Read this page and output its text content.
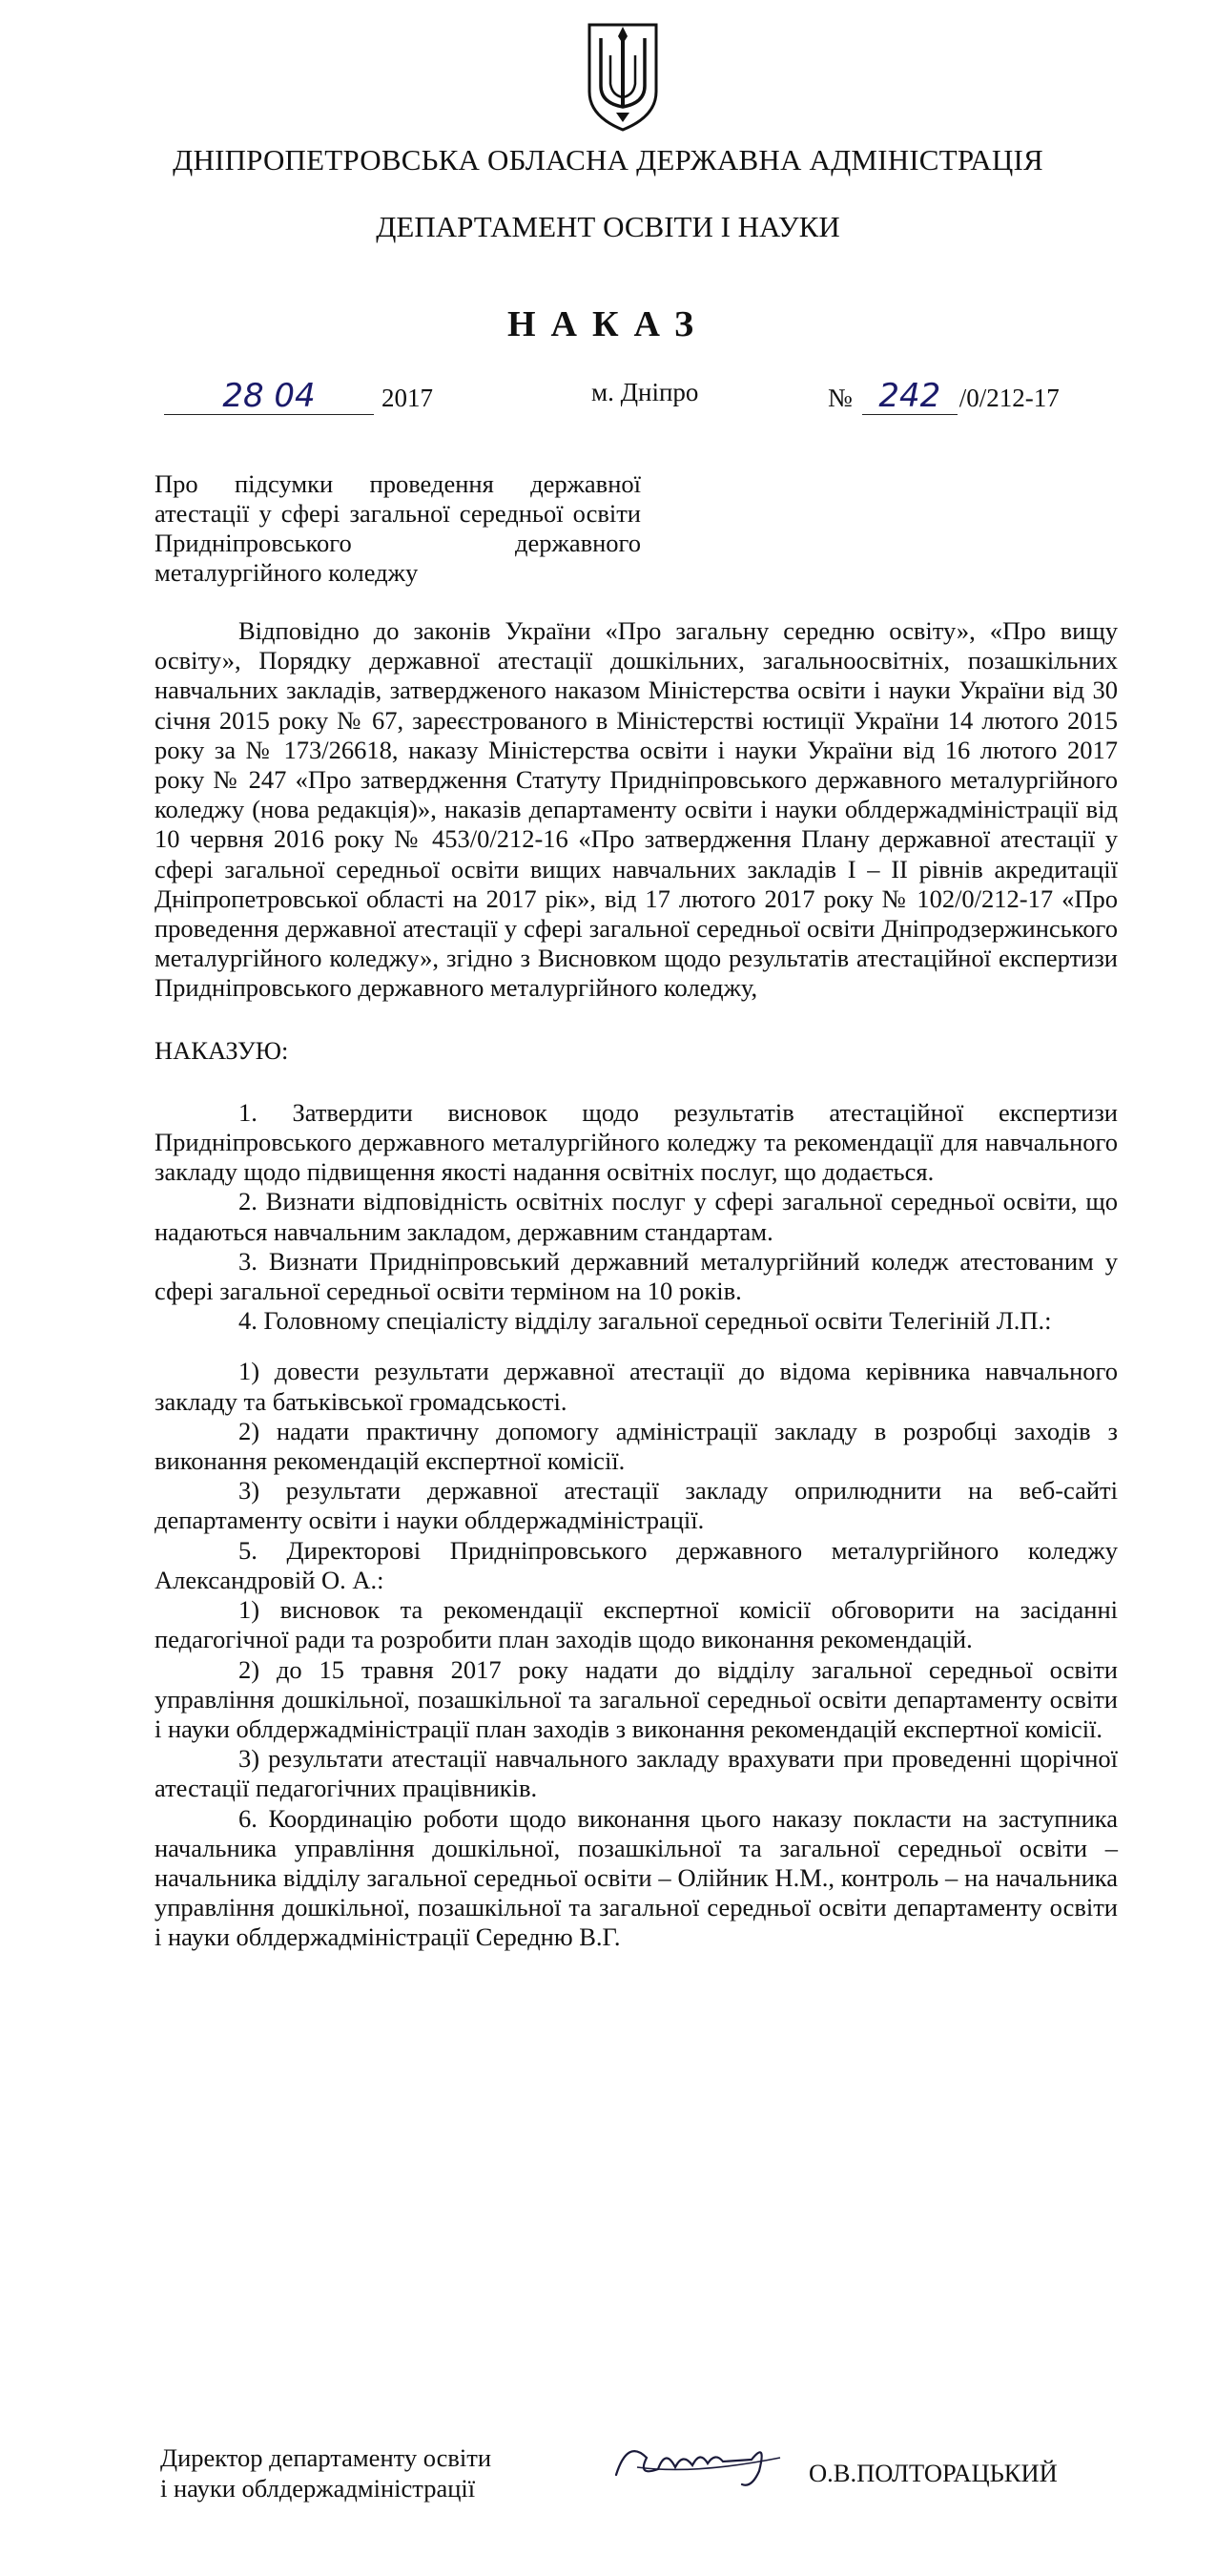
ДНІПРОПЕТРОВСЬКА ОБЛАСНА ДЕРЖАВНА АДМІНІСТРАЦІЯ
ДЕПАРТАМЕНТ ОСВІТИ І НАУКИ
НАКАЗ
28 04	2017	м. Дніпро	№ 242 /0/212-17
Про підсумки проведення державної атестації у сфері загальної середньої освіти Придніпровського державного металургійного коледжу

Відповідно до законів України «Про загальну середню освіту», «Про вищу освіту», Порядку державної атестації дошкільних, загальноосвітніх, позашкільних навчальних закладів, затвердженого наказом Міністерства освіти і науки України від 30 січня 2015 року № 67, зареєстрованого в Міністерстві юстиції України 14 лютого 2015 року за № 173/26618, наказу Міністерства освіти і науки України від 16 лютого 2017 року № 247 «Про затвердження Статуту Придніпровського державного металургійного коледжу (нова редакція)», наказів департаменту освіти і науки облдержадміністрації від 10 червня 2016 року № 453/0/212-16 «Про затвердження Плану державної атестації у сфері загальної середньої освіти вищих навчальних закладів I – II рівнів акредитації Дніпропетровської області на 2017 рік», від 17 лютого 2017 року № 102/0/212-17 «Про проведення державної атестації у сфері загальної середньої освіти Дніпродзержинського металургійного коледжу», згідно з Висновком щодо результатів атестаційної експертизи Придніпровського державного металургійного коледжу,

НАКАЗУЮ:

1. Затвердити висновок щодо результатів атестаційної експертизи Придніпровського державного металургійного коледжу та рекомендації для навчального закладу щодо підвищення якості надання освітніх послуг, що додається.

2. Визнати відповідність освітніх послуг у сфері загальної середньої освіти, що надаються навчальним закладом, державним стандартам.

3. Визнати Придніпровський державний металургійний коледж атестованим у сфері загальної середньої освіти терміном на 10 років.

4. Головному спеціалісту відділу загальної середньої освіти Телегіній Л.П.:

1) довести результати державної атестації до відома керівника навчального закладу та батьківської громадськості.

2) надати практичну допомогу адміністрації закладу в розробці заходів з виконання рекомендацій експертної комісії.

3) результати державної атестації закладу оприлюднити на веб-сайті департаменту освіти і науки облдержадміністрації.

5. Директорові Придніпровського державного металургійного коледжу Александровій О. А.:

1) висновок та рекомендації експертної комісії обговорити на засіданні педагогічної ради та розробити план заходів щодо виконання рекомендацій.

2) до 15 травня 2017 року надати до відділу загальної середньої освіти управління дошкільної, позашкільної та загальної середньої освіти департаменту освіти і науки облдержадміністрації план заходів з виконання рекомендацій експертної комісії.

3) результати атестації навчального закладу врахувати при проведенні щорічної атестації педагогічних працівників.

6. Координацію роботи щодо виконання цього наказу покласти на заступника начальника управління дошкільної, позашкільної та загальної середньої освіти – начальника відділу загальної середньої освіти – Олійник Н.М., контроль – на начальника управління дошкільної, позашкільної та загальної середньої освіти департаменту освіти і науки облдержадміністрації Середню В.Г.

Директор департаменту освіти
і науки облдержадміністрації
О.В.ПОЛТОРАЦЬКИЙ
